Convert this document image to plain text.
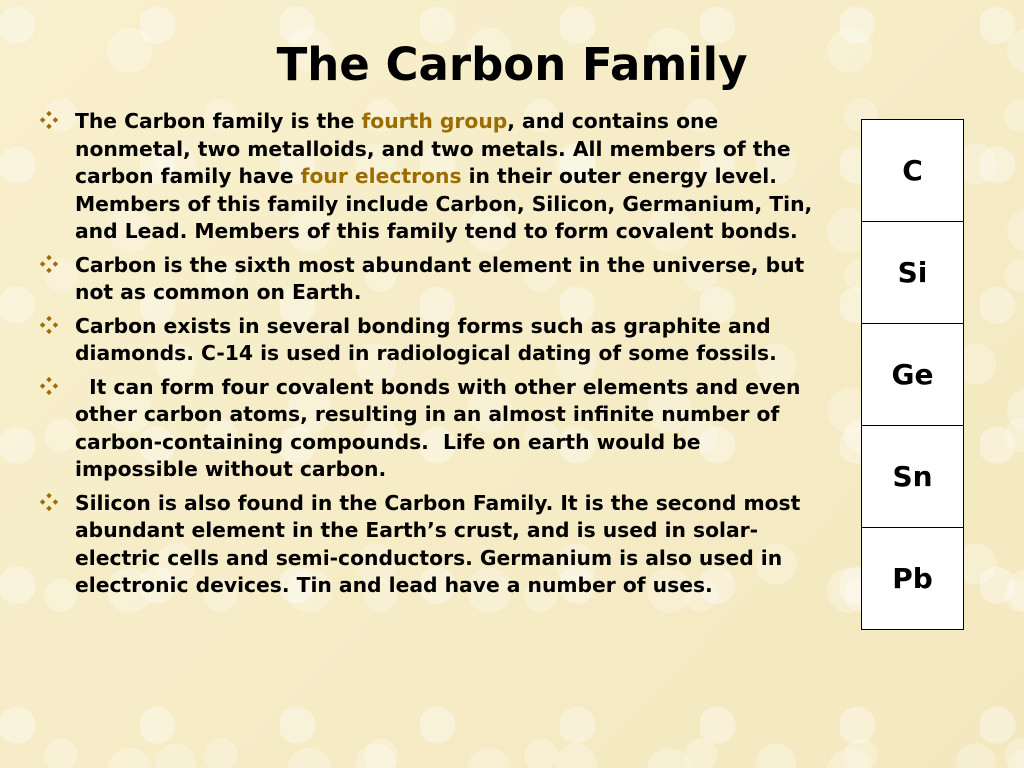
The Carbon Family
The Carbon family is the fourth group, and contains one nonmetal, two metalloids, and two metals. All members of the carbon family have four electrons in their outer energy level. Members of this family include Carbon, Silicon, Germanium, Tin, and Lead. Members of this family tend to form covalent bonds.
Carbon is the sixth most abundant element in the universe, but not as common on Earth.
Carbon exists in several bonding forms such as graphite and diamonds. C-14 is used in radiological dating of some fossils.
It can form four covalent bonds with other elements and even other carbon atoms, resulting in an almost infinite number of carbon-containing compounds.  Life on earth would be impossible without carbon.
Silicon is also found in the Carbon Family. It is the second most abundant element in the Earth’s crust, and is used in solar-electric cells and semi-conductors. Germanium is also used in electronic devices. Tin and lead have a number of uses.
C
Si
Ge
Sn
Pb
